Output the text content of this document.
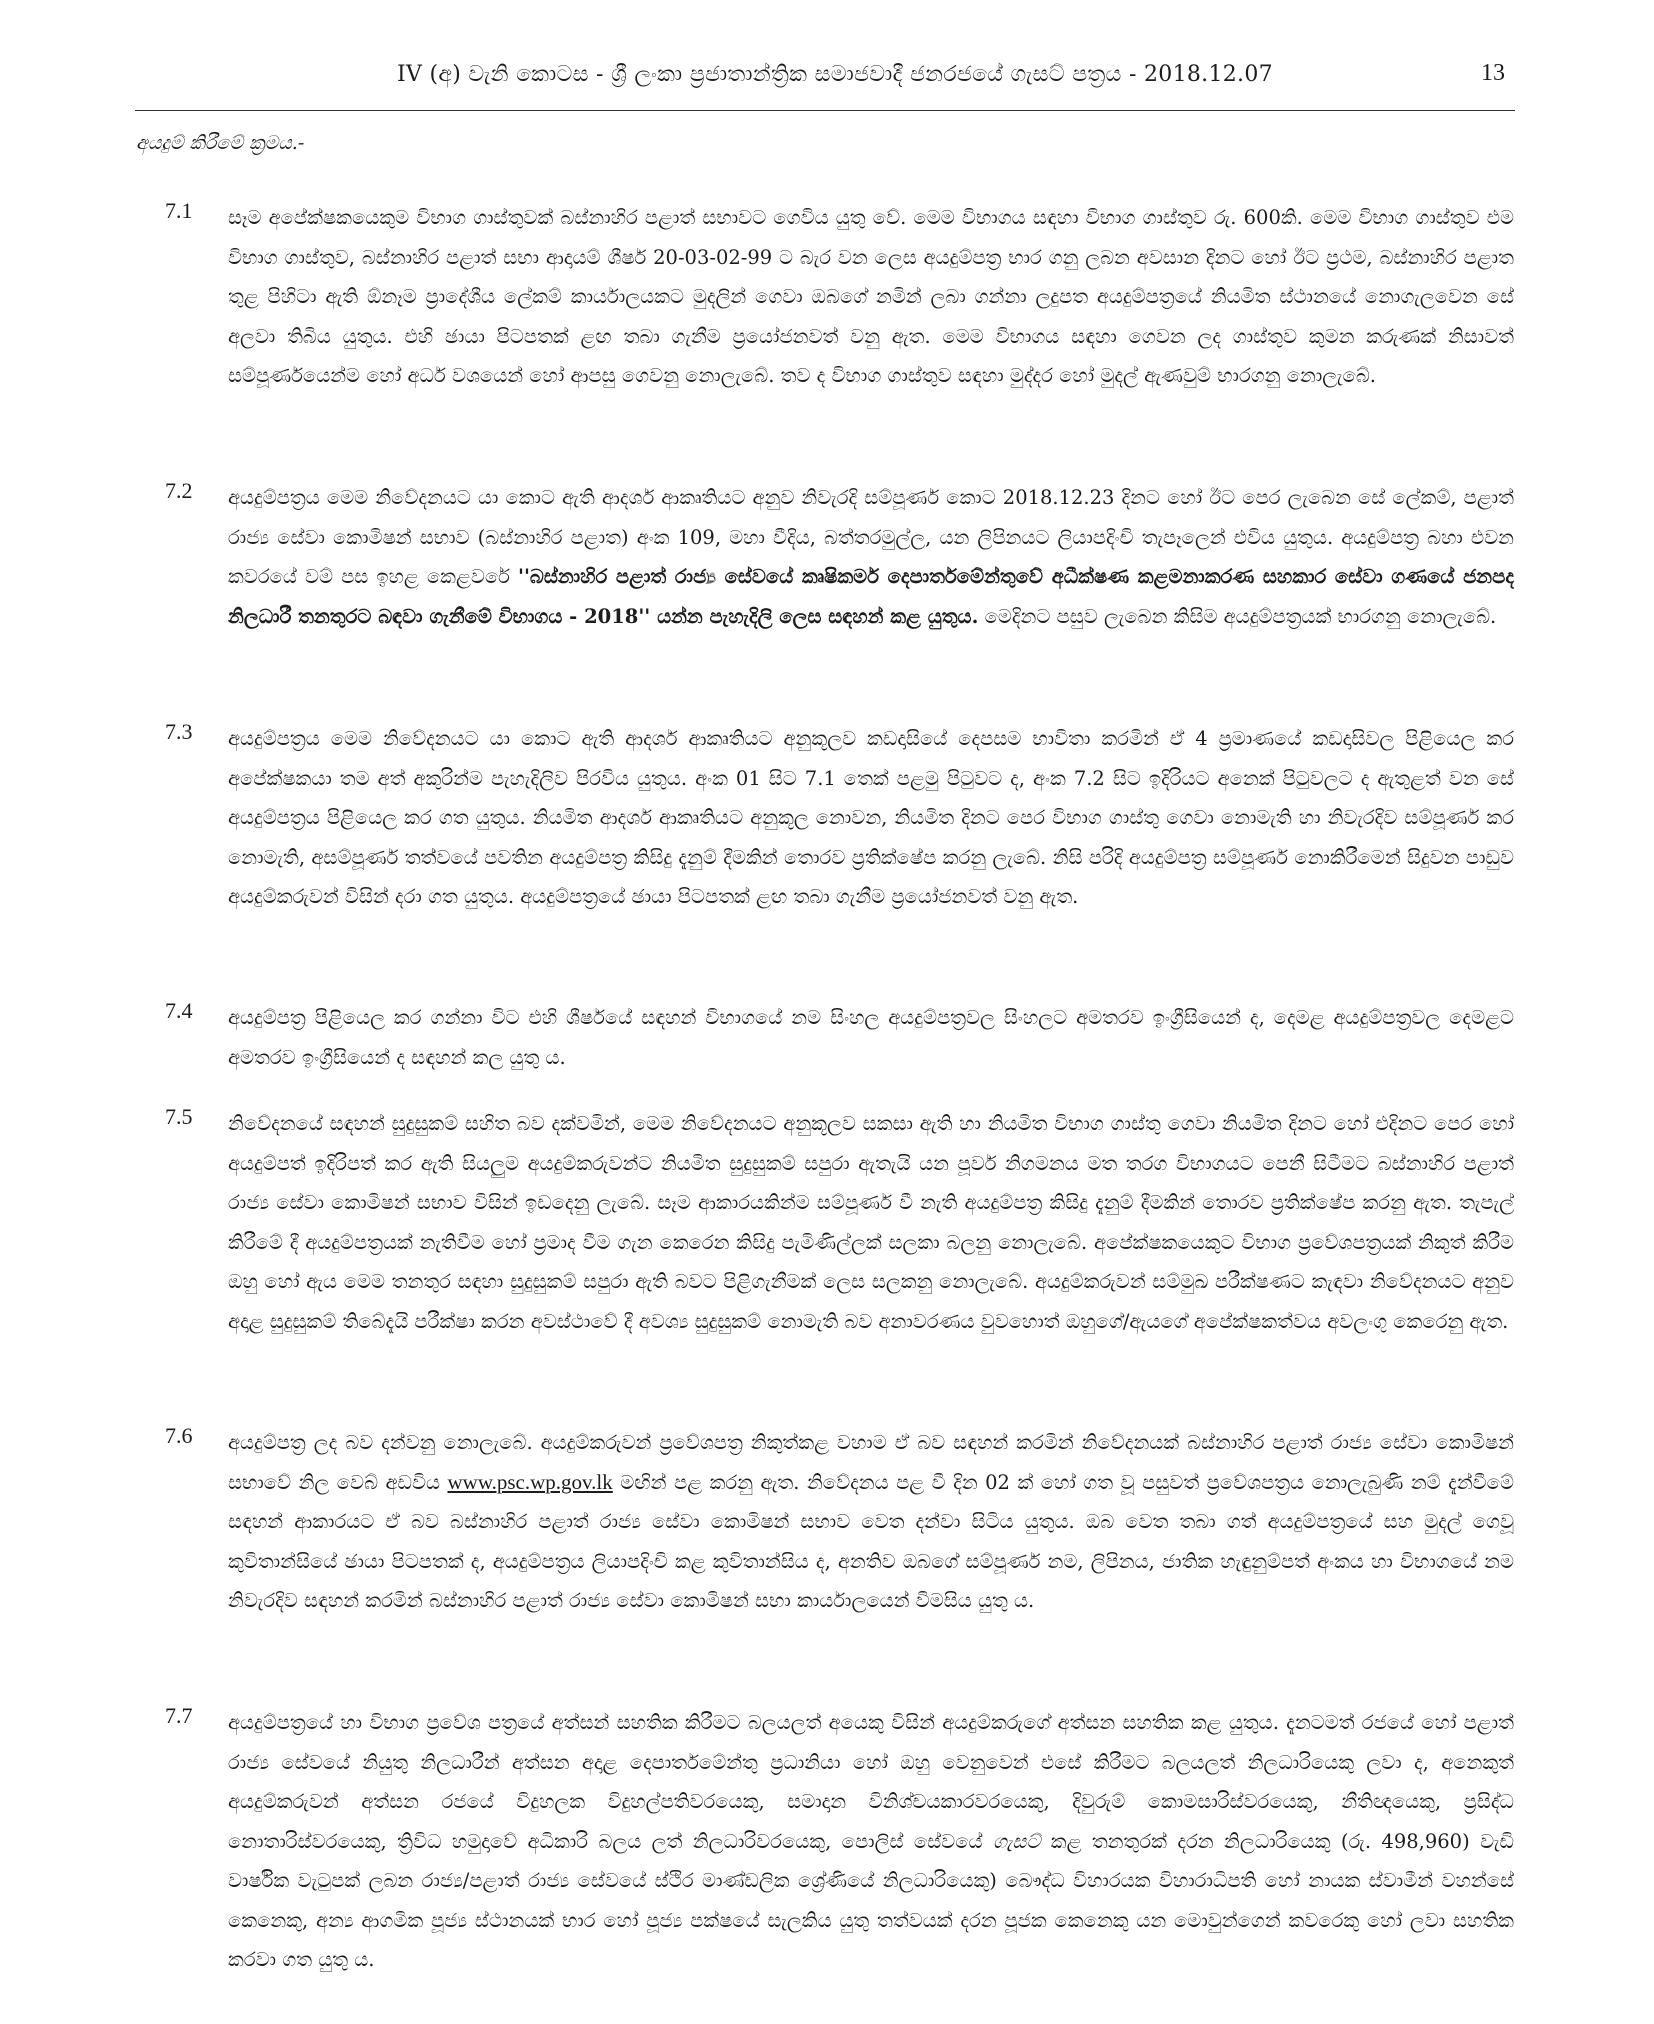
IV (අ) වැනි කොටස - ශ්‍රී ලංකා ප්‍රජාතාන්ත්‍රික සමාජවාදී ජනරජයේ ගැසට් පත්‍රය - 2018.12.07	13
අයදුම් කිරීමේ ක්‍රමය.-
7.1	සෑම අපේක්ෂකයෙකුම විභාග ගාස්තුවක් බස්නාහිර පළාත් සභාවට ගෙවිය යුතු වේ. මෙම විභාගය සඳහා විභාග ගාස්තුව රු. 600කි. මෙම විභාග ගාස්තුව එම විභාග ගාස්තුව, බස්නාහිර පළාත් සභා ආදායම් ශීර්ෂ 20-03-02-99 ට බැර වන ලෙස අයදුම්පත්‍ර භාර ගනු ලබන අවසාන දිනට හෝ ඊට ප්‍රථම, බස්නාහිර පළාත තුළ පිහිටා ඇති ඕනෑම ප්‍රාදේශීය ලේකම් කාර්යාලයකට මුදලින් ගෙවා ඔබගේ නමින් ලබා ගන්නා ලදුපත අයදුම්පත්‍රයේ නියමිත ස්ථානයේ නොගැලවෙන සේ අලවා තිබිය යුතුය. එහි ඡායා පිටපතක් ළඟ තබා ගැනීම ප්‍රයෝජනවත් වනු ඇත. මෙම විභාගය සඳහා ගෙවන ලද ගාස්තුව කුමන කරුණක් නිසාවත් සම්පූර්ණයෙන්ම හෝ අර්ධ වශයෙන් හෝ ආපසු ගෙවනු නොලැබේ. තව ද විභාග ගාස්තුව සඳහා මුද්දර හෝ මුදල් ඇණවුම් භාරගනු නොලැබේ.
7.2	අයදුම්පත්‍රය මෙම නිවේදනයට යා කොට ඇති ආදර්ශ ආකෘතියට අනුව නිවැරදි සම්පූර්ණ කොට 2018.12.23 දිනට හෝ ඊට පෙර ලැබෙන සේ ලේකම්, පළාත් රාජ්‍ය සේවා කොමිෂන් සභාව (බස්නාහිර පළාත) අංක 109, මහා වීදිය, බත්තරමුල්ල, යන ලිපිනයට ලියාපදිංචි තැපෑලෙන් එවිය යුතුය. අයදුම්පත්‍ර බහා එවන කවරයේ වම් පස ඉහළ කෙළවරේ ''බස්නාහිර පළාත් රාජ්‍ය සේවයේ කෘෂිකර්ම දෙපාර්තමේන්තුවේ අධීක්ෂණ කළමනාකරණ සහකාර සේවා ගණයේ ජනපද නිලධාරී තනතුරට බඳවා ගැනීමේ විභාගය - 2018'' යන්න පැහැදිලි ලෙස සඳහන් කළ යුතුය. මෙදිනට පසුව ලැබෙන කිසිම අයදුම්පත්‍රයක් භාරගනු නොලැබේ.
7.3	අයදුම්පත්‍රය මෙම නිවේදනයට යා කොට ඇති ආදර්ශ ආකෘතියට අනුකූලව කඩදාසියේ දෙපසම භාවිතා කරමින් ඒ 4 ප්‍රමාණයේ කඩදාසිවල පිළියෙල කර අපේක්ෂකයා තම අත් අකුරින්ම පැහැදිලිව පිරවිය යුතුය. අංක 01 සිට 7.1 තෙක් පළමු පිටුවට ද, අංක 7.2 සිට ඉදිරියට අනෙක් පිටුවලට ද ඇතුළත් වන සේ අයදුම්පත්‍රය පිළියෙල කර ගත යුතුය. නියමිත ආදර්ශ ආකෘතියට අනුකූල නොවන, නියමිත දිනට පෙර විභාග ගාස්තු ගෙවා නොමැති හා නිවැරදිව සම්පූර්ණ කර නොමැති, අසම්පූර්ණ තත්වයේ පවතින අයදුම්පත්‍ර කිසිදු දැනුම් දීමකින් තොරව ප්‍රතික්ෂේප කරනු ලැබේ. නිසි පරිදි අයදුම්පත්‍ර සම්පූර්ණ නොකිරීමෙන් සිදුවන පාඩුව අයදුම්කරුවන් විසින් දරා ගත යුතුය. අයදුම්පත්‍රයේ ඡායා පිටපතක් ළඟ තබා ගැනීම ප්‍රයෝජනවත් වනු ඇත.
7.4	අයදුම්පත්‍ර පිළියෙල කර ගන්නා විට එහි ශීර්ෂයේ සඳහන් විභාගයේ නම සිංහල අයදුම්පත්‍රවල සිංහලට අමතරව ඉංග්‍රීසියෙන් ද, දෙමළ අයදුම්පත්‍රවල දෙමළට අමතරව ඉංග්‍රීසියෙන් ද සඳහන් කල යුතු ය.
7.5	නිවේදනයේ සඳහන් සුදුසුකම් සහිත බව දක්වමින්, මෙම නිවේදනයට අනුකූලව සකසා ඇති හා නියමිත විභාග ගාස්තු ගෙවා නියමිත දිනට හෝ එදිනට පෙර හෝ අයදුම්පත් ඉදිරිපත් කර ඇති සියලුම අයදුම්කරුවන්ට නියමිත සුදුසුකම් සපුරා ඇතැයි යන පූර්ව නිගමනය මත තරග විභාගයට පෙනී සිටීමට බස්නාහිර පළාත් රාජ්‍ය සේවා කොමිෂන් සභාව විසින් ඉඩදෙනු ලැබේ. සෑම ආකාරයකින්ම සම්පූර්ණ වී නැති අයදුම්පත්‍ර කිසිදු දැනුම් දීමකින් තොරව ප්‍රතික්ෂේප කරනු ඇත. තැපැල් කිරීමේ දී අයදුම්පත්‍රයක් නැතිවීම හෝ ප්‍රමාද වීම ගැන කෙරෙන කිසිදු පැමිණිල්ලක් සලකා බලනු නොලැබේ. අපේක්ෂකයෙකුට විභාග ප්‍රවේශපත්‍රයක් නිකුත් කිරීම ඔහු හෝ ඇය මෙම තනතුර සඳහා සුදුසුකම් සපුරා ඇති බවට පිළිගැනීමක් ලෙස සලකනු නොලැබේ. අයදුම්කරුවන් සම්මුඛ පරීක්ෂණට කැඳවා නිවේදනයට අනුව අදාළ සුදුසුකම් තිබේදැයි පරීක්ෂා කරන අවස්ථාවේ දී අවශ්‍ය සුදුසුකම් නොමැති බව අනාවරණය වුවහොත් ඔහුගේ/ඇයගේ අපේක්ෂකත්වය අවලංගු කෙරෙනු ඇත.
7.6	අයදුම්පත්‍ර ලද බව දන්වනු නොලැබේ. අයදුම්කරුවන් ප්‍රවේශපත්‍ර නිකුත්කළ වහාම ඒ බව සඳහන් කරමින් නිවේදනයක් බස්නාහිර පළාත් රාජ්‍ය සේවා කොමිෂන් සභාවේ නිල වෙබ් අඩවිය www.psc.wp.gov.lk මඟින් පළ කරනු ඇත. නිවේදනය පළ වී දින 02 ක් හෝ ගත වූ පසුවත් ප්‍රවේශපත්‍රය නොලැබුණි නම් දැන්වීමේ සඳහන් ආකාරයට ඒ බව බස්නාහිර පළාත් රාජ්‍ය සේවා කොමිෂන් සභාව වෙත දන්වා සිටිය යුතුය. ඔබ වෙත තබා ගත් අයදුම්පත්‍රයේ සහ මුදල් ගෙවූ කුවිතාන්සියේ ඡායා පිටපතක් ද, අයදුම්පත්‍රය ලියාපදිංචි කළ කුවිතාන්සිය ද, අනතිව ඔබගේ සම්පූර්ණ නම, ලිපිනය, ජාතික හැඳුනුම්පත් අංකය හා විභාගයේ නම නිවැරදිව සඳහන් කරමින් බස්නාහිර පළාත් රාජ්‍ය සේවා කොමිෂන් සභා කාර්යාලයෙන් විමසිය යුතු ය.
7.7	අයදුම්පත්‍රයේ හා විභාග ප්‍රවේශ පත්‍රයේ අත්සන් සහතික කිරීමට බලයලත් අයෙකු විසින් අයදුම්කරුගේ අත්සන සහතික කළ යුතුය. දැනටමත් රජයේ හෝ පළාත් රාජ්‍ය සේවයේ නියුතු නිලධාරීන් අත්සන අදාළ දෙපාර්තමේන්තු ප්‍රධානියා හෝ ඔහු වෙනුවෙන් එසේ කිරීමට බලයලත් නිලධාරියෙකු ලවා ද, අනෙකුත් අයදුම්කරුවන් අත්සන රජයේ විදුහලක විදුහල්පතිවරයෙකු, සමාදාන විනිශ්චයකාරවරයෙකු, දිවුරුම් කොමසාරිස්වරයෙකු, නීතිඥයෙකු, ප්‍රසිද්ධ නොතාරිස්වරයෙකු, ත්‍රිවිධ හමුදාවේ අධිකාරි බලය ලත් නිලධාරිවරයෙකු, පොලිස් සේවයේ ගැසට් කළ තනතුරක් දරන නිලධාරියෙකු (රු. 498,960) වැඩි වාර්ෂික වැටුපක් ලබන රාජ්‍ය/පළාත් රාජ්‍ය සේවයේ ස්ථිර මාණ්ඩලික ශ්‍රේණියේ නිලධාරියෙකු) බෞද්ධ විහාරයක විහාරාධිපති හෝ නායක ස්වාමීන් වහන්සේ කෙනෙකු, අන්‍ය ආගමික පූජ්‍ය ස්ථානයක් භාර හෝ පූජ්‍ය පක්ෂයේ සැලකිය යුතු තත්වයක් දරන පූජක කෙනෙකු යන මොවුන්ගෙන් කවරෙකු හෝ ලවා සහතික කරවා ගත යුතු ය.
